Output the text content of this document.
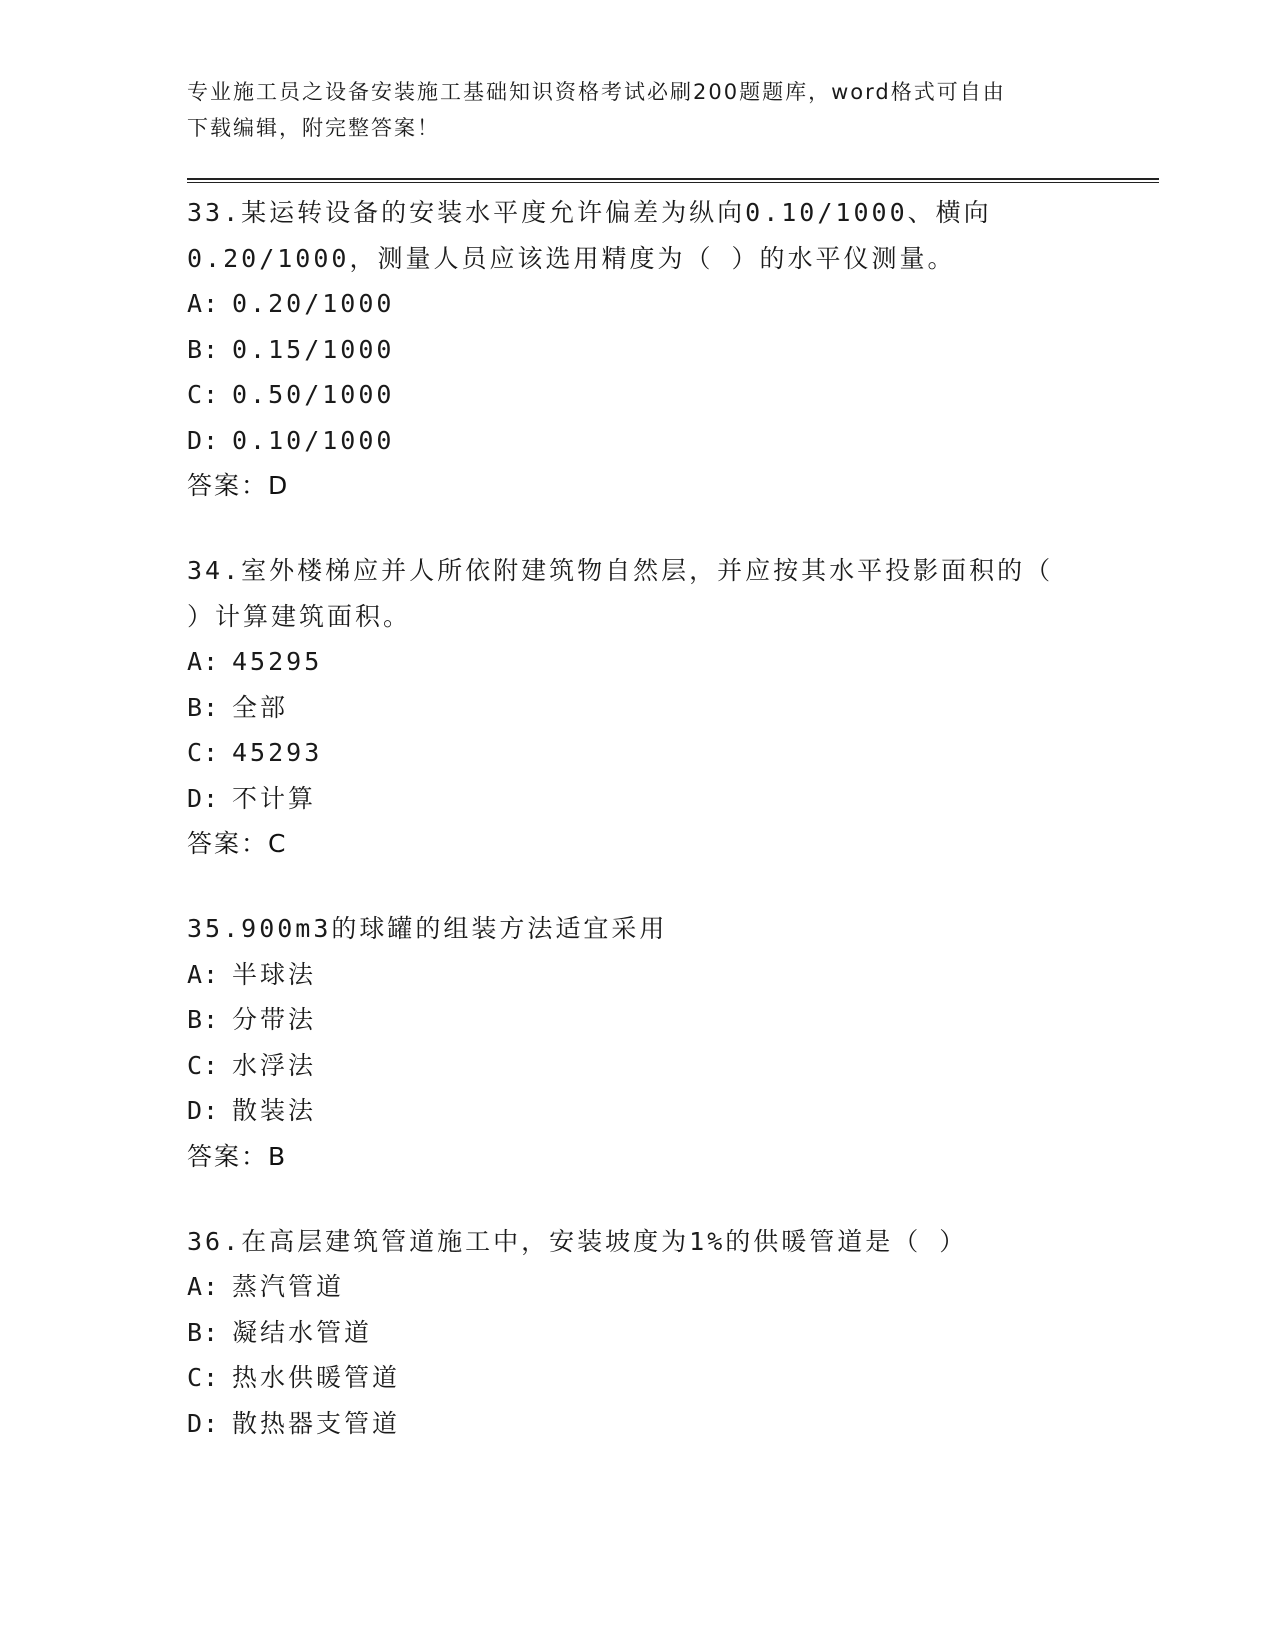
专业施工员之设备安装施工基础知识资格考试必刷200题题库，word格式可自由
下载编辑，附完整答案！
33.某运转设备的安装水平度允许偏差为纵向0.10/1000、横向
0.20/1000，测量人员应该选用精度为（ ）的水平仪测量。
A: 0.20/1000
B: 0.15/1000
C: 0.50/1000
D: 0.10/1000
答案：D
34.室外楼梯应并人所依附建筑物自然层，并应按其水平投影面积的（
）计算建筑面积。
A: 45295
B: 全部
C: 45293
D: 不计算
答案：C
35.900m3的球罐的组装方法适宜采用
A: 半球法
B: 分带法
C: 水浮法
D: 散装法
答案：B
36.在高层建筑管道施工中，安装坡度为1%的供暖管道是（ ）
A: 蒸汽管道
B: 凝结水管道
C: 热水供暖管道
D: 散热器支管道
